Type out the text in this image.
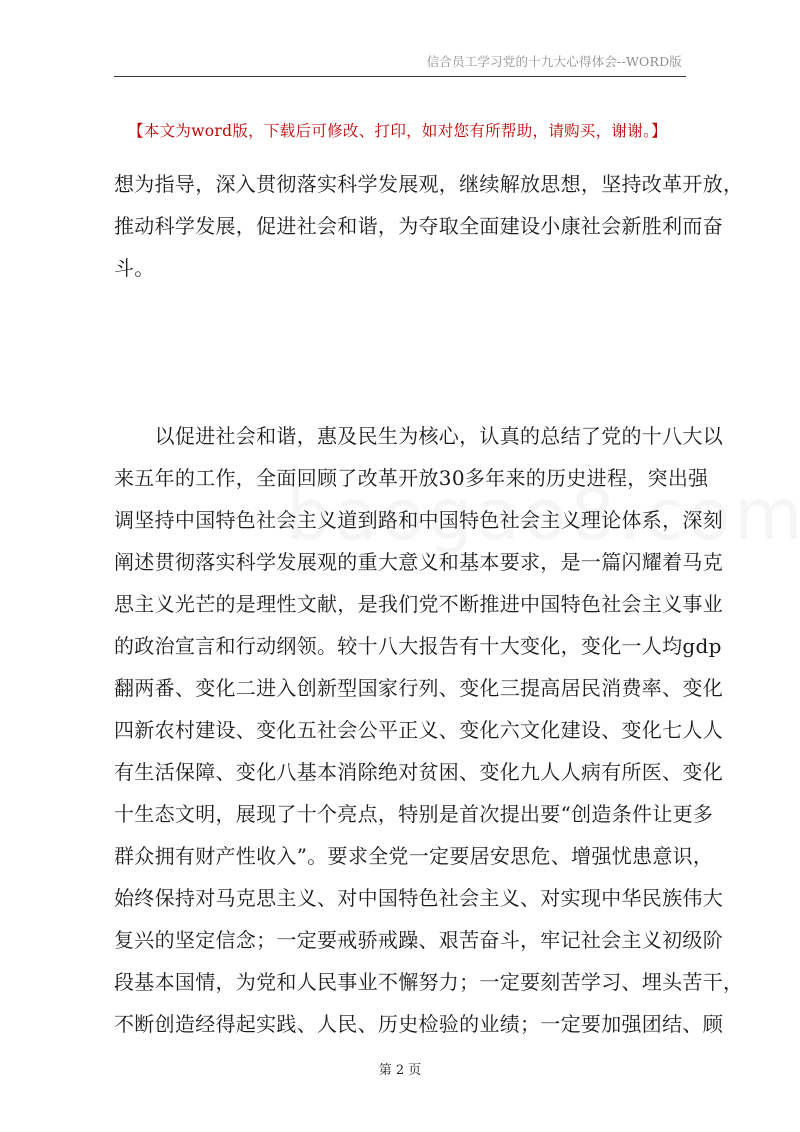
信合员工学习党的十九大心得体会--WORD版
【本文为word版，下载后可修改、打印，如对您有所帮助，请购买，谢谢。】
想为指导，深入贯彻落实科学发展观，继续解放思想，坚持改革开放，
推动科学发展，促进社会和谐，为夺取全面建设小康社会新胜利而奋
斗。
　　以促进社会和谐，惠及民生为核心，认真的总结了党的十八大以
来五年的工作，全面回顾了改革开放30多年来的历史进程，突出强
调坚持中国特色社会主义道到路和中国特色社会主义理论体系，深刻
阐述贯彻落实科学发展观的重大意义和基本要求，是一篇闪耀着马克
思主义光芒的是理性文献，是我们党不断推进中国特色社会主义事业
的政治宣言和行动纲领。较十八大报告有十大变化，变化一人均gdp
翻两番、变化二进入创新型国家行列、变化三提高居民消费率、变化
四新农村建设、变化五社会公平正义、变化六文化建设、变化七人人
有生活保障、变化八基本消除绝对贫困、变化九人人病有所医、变化
十生态文明，展现了十个亮点，特别是首次提出要“创造条件让更多
群众拥有财产性收入”。要求全党一定要居安思危、增强忧患意识，
始终保持对马克思主义、对中国特色社会主义、对实现中华民族伟大
复兴的坚定信念；一定要戒骄戒躁、艰苦奋斗，牢记社会主义初级阶
段基本国情，为党和人民事业不懈努力；一定要刻苦学习、埋头苦干，
不断创造经得起实践、人民、历史检验的业绩；一定要加强团结、顾
第 2 页
